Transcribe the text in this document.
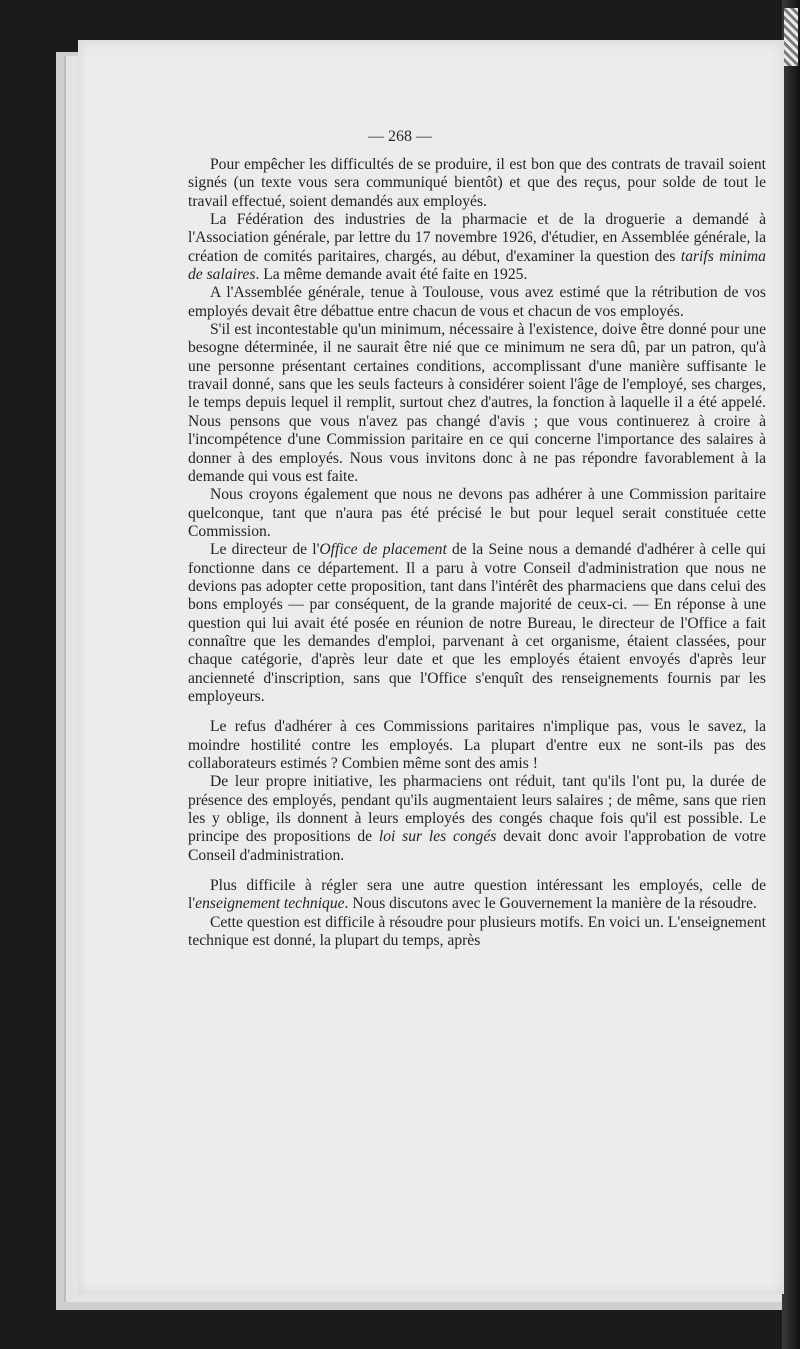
— 268 —

Pour empêcher les difficultés de se produire, il est bon que des contrats de travail soient signés (un texte vous sera communiqué bientôt) et que des reçus, pour solde de tout le travail effectué, soient demandés aux employés.

La Fédération des industries de la pharmacie et de la droguerie a demandé à l'Association générale, par lettre du 17 novembre 1926, d'étudier, en Assemblée générale, la création de comités paritaires, chargés, au début, d'examiner la question des tarifs minima de salaires. La même demande avait été faite en 1925.

A l'Assemblée générale, tenue à Toulouse, vous avez estimé que la rétribution de vos employés devait être débattue entre chacun de vous et chacun de vos employés.

S'il est incontestable qu'un minimum, nécessaire à l'existence, doive être donné pour une besogne déterminée, il ne saurait être nié que ce minimum ne sera dû, par un patron, qu'à une personne présentant certaines conditions, accomplissant d'une manière suffisante le travail donné, sans que les seuls facteurs à considérer soient l'âge de l'employé, ses charges, le temps depuis lequel il remplit, surtout chez d'autres, la fonction à laquelle il a été appelé. Nous pensons que vous n'avez pas changé d'avis ; que vous continuerez à croire à l'incompétence d'une Commission paritaire en ce qui concerne l'importance des salaires à donner à des employés. Nous vous invitons donc à ne pas répondre favorablement à la demande qui vous est faite.

Nous croyons également que nous ne devons pas adhérer à une Commission paritaire quelconque, tant que n'aura pas été précisé le but pour lequel serait constituée cette Commission.

Le directeur de l'Office de placement de la Seine nous a demandé d'adhérer à celle qui fonctionne dans ce département. Il a paru à votre Conseil d'administration que nous ne devions pas adopter cette proposition, tant dans l'intérêt des pharmaciens que dans celui des bons employés — par conséquent, de la grande majorité de ceux-ci. — En réponse à une question qui lui avait été posée en réunion de notre Bureau, le directeur de l'Office a fait connaître que les demandes d'emploi, parvenant à cet organisme, étaient classées, pour chaque catégorie, d'après leur date et que les employés étaient envoyés d'après leur ancienneté d'inscription, sans que l'Office s'enquît des renseignements fournis par les employeurs.

Le refus d'adhérer à ces Commissions paritaires n'implique pas, vous le savez, la moindre hostilité contre les employés. La plupart d'entre eux ne sont-ils pas des collaborateurs estimés ? Combien même sont des amis !

De leur propre initiative, les pharmaciens ont réduit, tant qu'ils l'ont pu, la durée de présence des employés, pendant qu'ils augmentaient leurs salaires ; de même, sans que rien les y oblige, ils donnent à leurs employés des congés chaque fois qu'il est possible. Le principe des propositions de loi sur les congés devait donc avoir l'approbation de votre Conseil d'administration.

Plus difficile à régler sera une autre question intéressant les employés, celle de l'enseignement technique. Nous discutons avec le Gouvernement la manière de la résoudre.

Cette question est difficile à résoudre pour plusieurs motifs. En voici un. L'enseignement technique est donné, la plupart du temps, après
